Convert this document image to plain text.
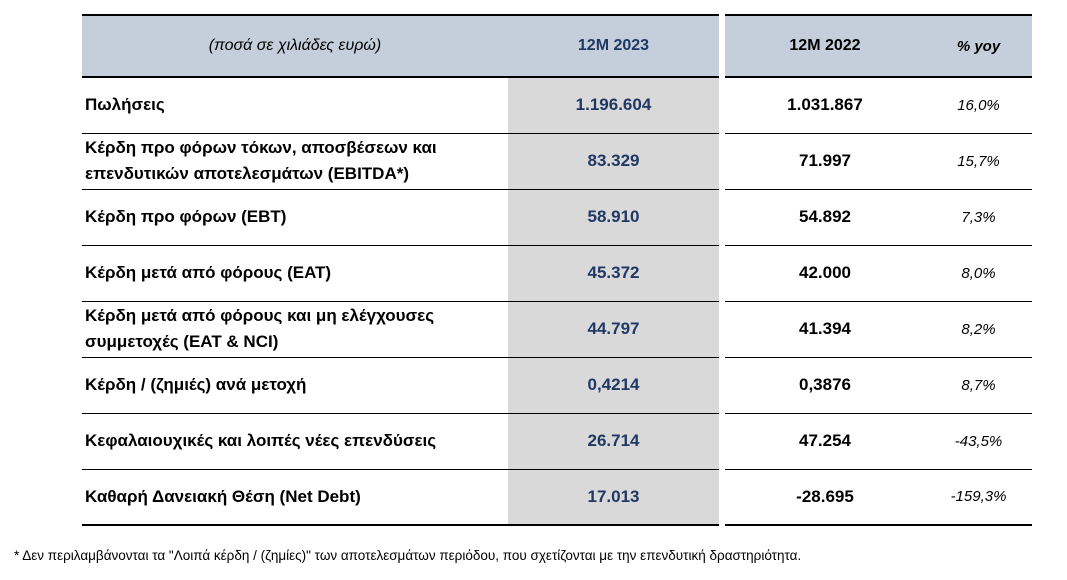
(ποσά σε χιλιάδες ευρώ)	12M 2023	12M 2022	% yoy
Πωλήσεις	1.196.604	1.031.867	16,0%
Κέρδη προ φόρων τόκων, αποσβέσεων και επενδυτικών αποτελεσμάτων (EBITDA*)	83.329	71.997	15,7%
Κέρδη προ φόρων (ΕΒΤ)	58.910	54.892	7,3%
Κέρδη μετά από φόρους (ΕΑΤ)	45.372	42.000	8,0%
Κέρδη μετά από φόρους και μη ελέγχουσες συμμετοχές (EAT & NCI)	44.797	41.394	8,2%
Κέρδη / (ζημιές) ανά μετοχή	0,4214	0,3876	8,7%
Κεφαλαιουχικές και λοιπές νέες επενδύσεις	26.714	47.254	-43,5%
Καθαρή Δανειακή Θέση (Net Debt)	17.013	-28.695	-159,3%
* Δεν περιλαμβάνονται τα "Λοιπά κέρδη / (ζημίες)" των αποτελεσμάτων περιόδου, που σχετίζονται με την επενδυτική δραστηριότητα.
